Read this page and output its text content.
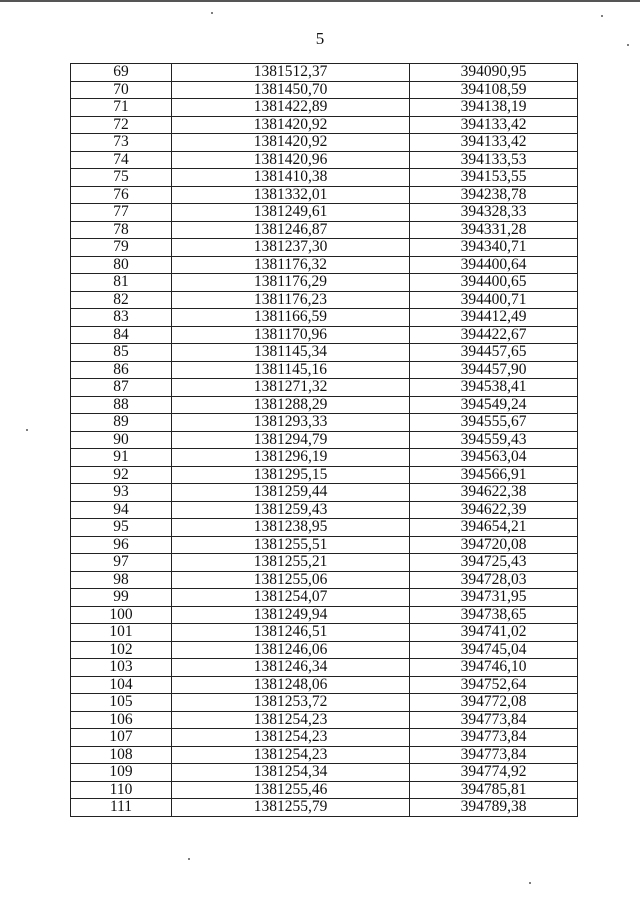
5
69	1381512,37	394090,95
70	1381450,70	394108,59
71	1381422,89	394138,19
72	1381420,92	394133,42
73	1381420,92	394133,42
74	1381420,96	394133,53
75	1381410,38	394153,55
76	1381332,01	394238,78
77	1381249,61	394328,33
78	1381246,87	394331,28
79	1381237,30	394340,71
80	1381176,32	394400,64
81	1381176,29	394400,65
82	1381176,23	394400,71
83	1381166,59	394412,49
84	1381170,96	394422,67
85	1381145,34	394457,65
86	1381145,16	394457,90
87	1381271,32	394538,41
88	1381288,29	394549,24
89	1381293,33	394555,67
90	1381294,79	394559,43
91	1381296,19	394563,04
92	1381295,15	394566,91
93	1381259,44	394622,38
94	1381259,43	394622,39
95	1381238,95	394654,21
96	1381255,51	394720,08
97	1381255,21	394725,43
98	1381255,06	394728,03
99	1381254,07	394731,95
100	1381249,94	394738,65
101	1381246,51	394741,02
102	1381246,06	394745,04
103	1381246,34	394746,10
104	1381248,06	394752,64
105	1381253,72	394772,08
106	1381254,23	394773,84
107	1381254,23	394773,84
108	1381254,23	394773,84
109	1381254,34	394774,92
110	1381255,46	394785,81
111	1381255,79	394789,38
